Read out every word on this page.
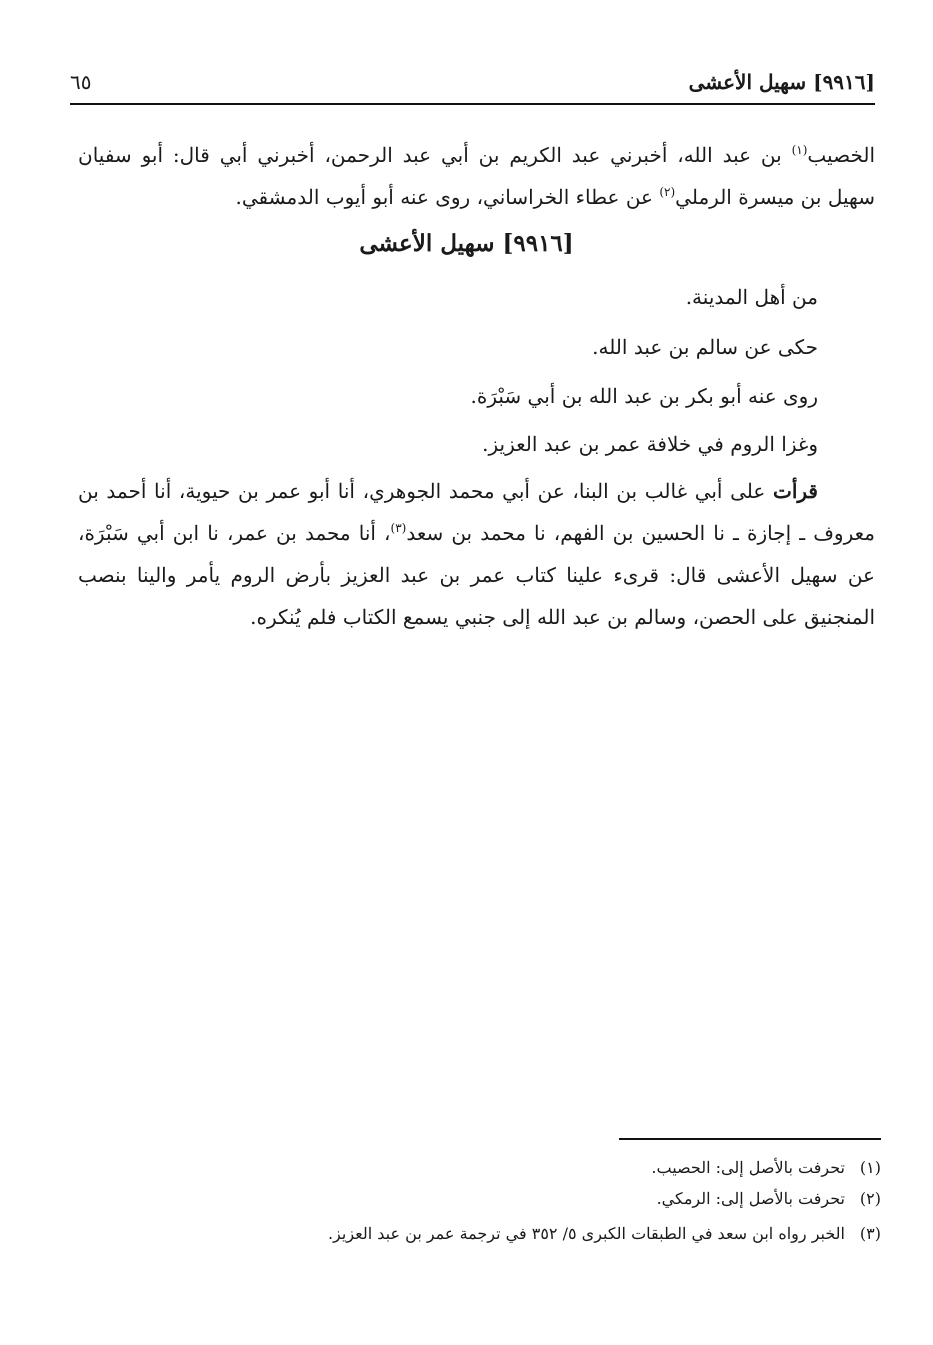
[٩٩١٦] سهيل الأعشى
٦٥
الخصيب$^{(١)}$ بن عبد الله، أخبرني عبد الكريم بن أبي عبد الرحمن، أخبرني أبي قال: أبو سفيان سهيل بن ميسرة الرملي$^{(٢)}$ عن عطاء الخراساني، روى عنه أبو أيوب الدمشقي.
[٩٩١٦] سهيل الأعشى
من أهل المدينة.
حكى عن سالم بن عبد الله.
روى عنه أبو بكر بن عبد الله بن أبي سَبْرَة.
وغزا الروم في خلافة عمر بن عبد العزيز.
قرأت على أبي غالب بن البنا، عن أبي محمد الجوهري، أنا أبو عمر بن حيوية، أنا أحمد بن معروف ـ إجازة ـ نا الحسين بن الفهم، نا محمد بن سعد$^{(٣)}$، أنا محمد بن عمر، نا ابن أبي سَبْرَة، عن سهيل الأعشى قال: قرىء علينا كتاب عمر بن عبد العزيز بأرض الروم يأمر والينا بنصب المنجنيق على الحصن، وسالم بن عبد الله إلى جنبي يسمع الكتاب فلم يُنكره.
(١)تحرفت بالأصل إلى: الحصيب.
(٢)تحرفت بالأصل إلى: الرمكي.
(٣)الخبر رواه ابن سعد في الطبقات الكبرى ٥/ ٣٥٢ في ترجمة عمر بن عبد العزيز.
